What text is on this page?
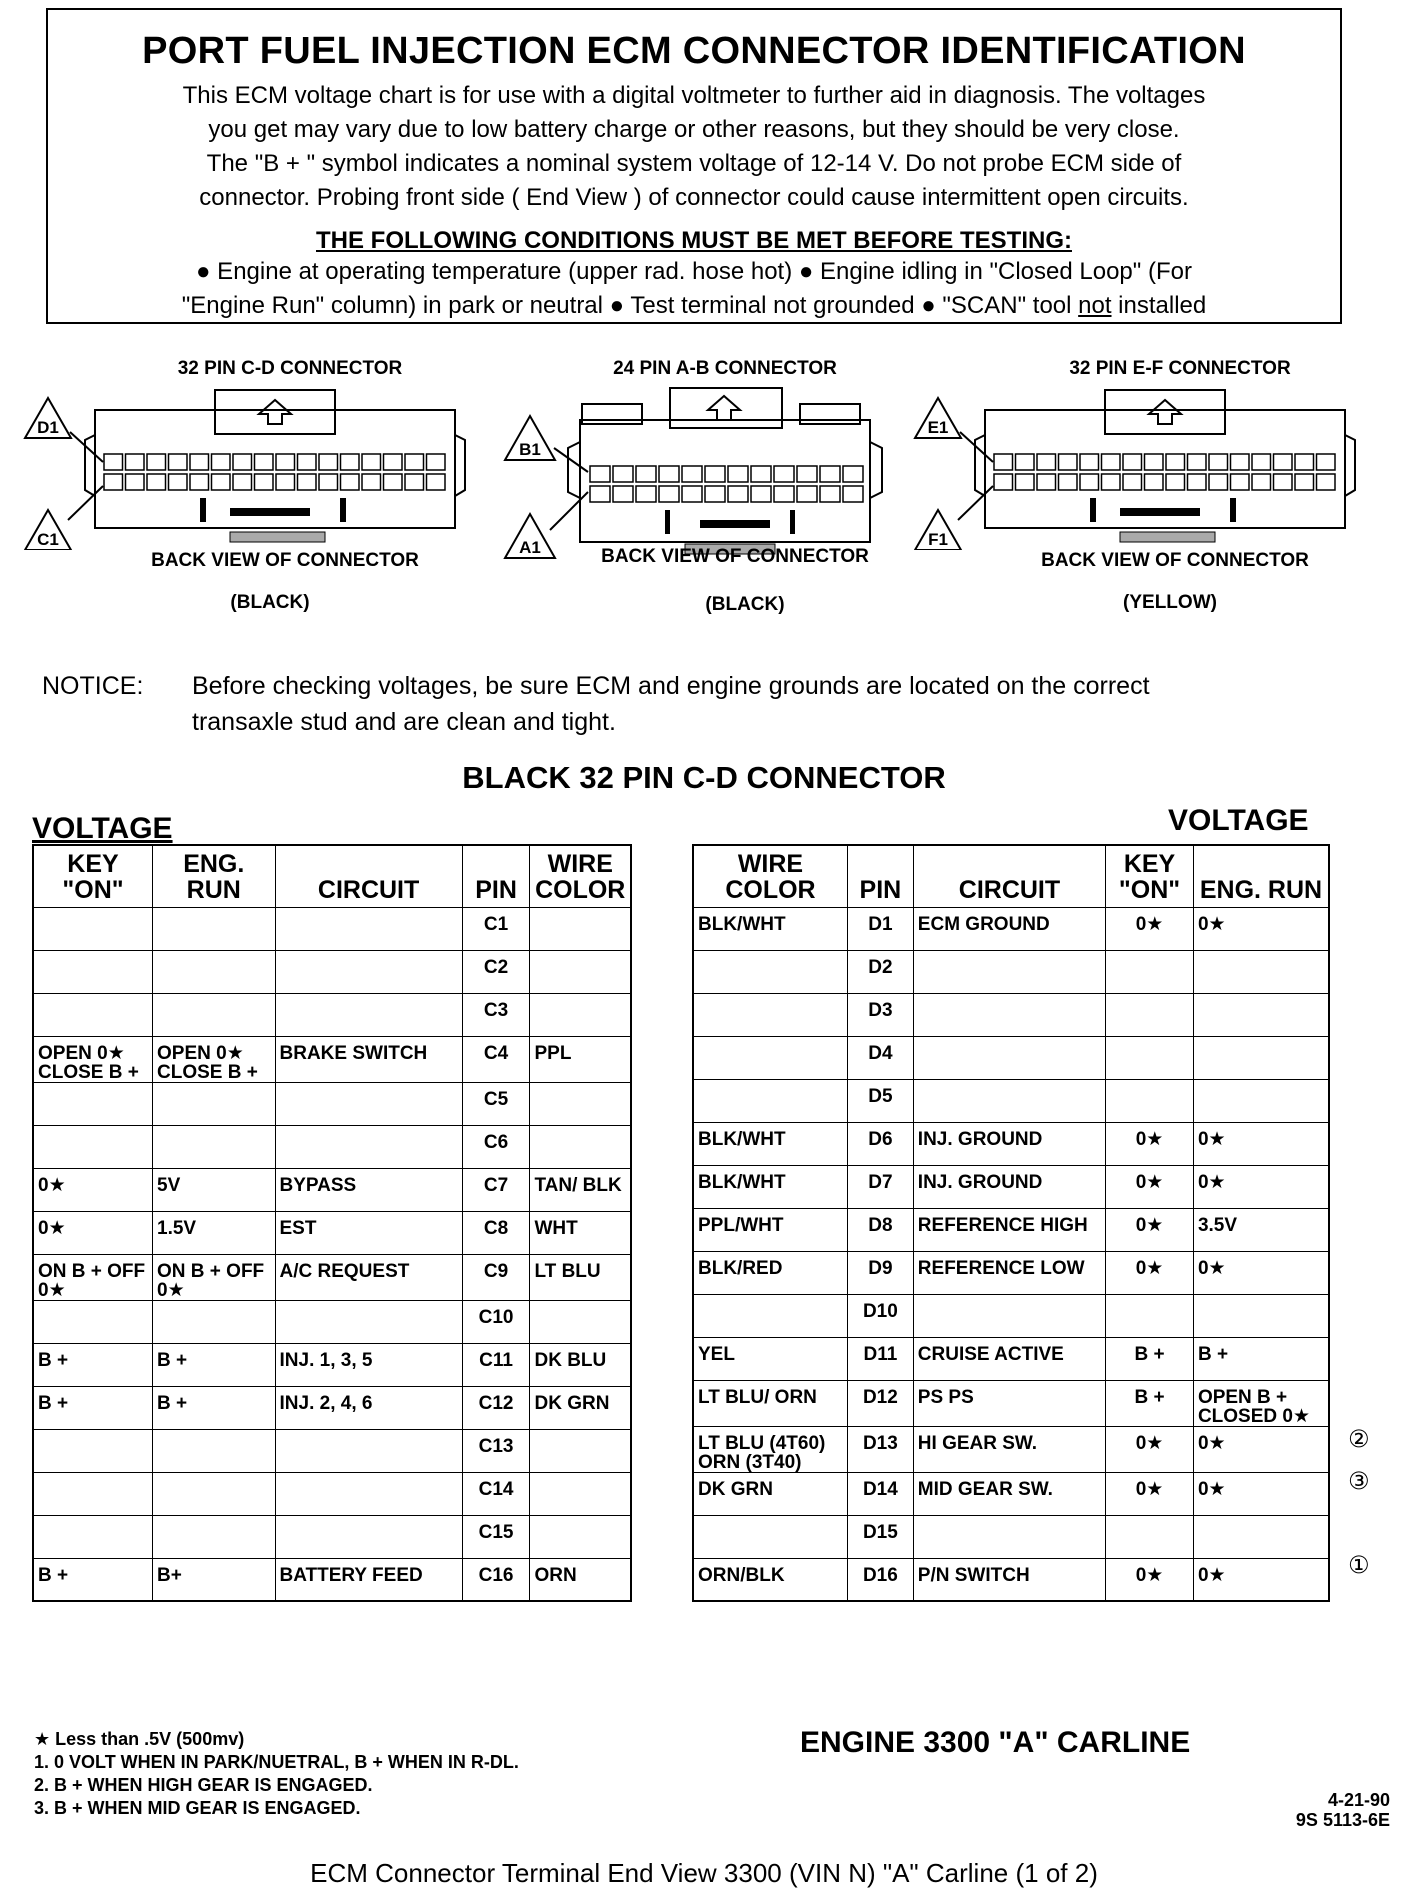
PORT FUEL INJECTION ECM CONNECTOR IDENTIFICATION
This ECM voltage chart is for use with a digital voltmeter to further aid in diagnosis. The voltages
you get may vary due to low battery charge or other reasons, but they should be very close.
The "B + " symbol indicates a nominal system voltage of 12-14 V. Do not probe ECM side of
connector. Probing front side ( End View ) of connector could cause intermittent open circuits.
THE FOLLOWING CONDITIONS MUST BE MET BEFORE TESTING:
● Engine at operating temperature (upper rad. hose hot) ● Engine idling in "Closed Loop" (For
"Engine Run" column) in park or neutral ● Test terminal not grounded ● "SCAN" tool not installed
32 PIN C-D CONNECTOR
D1
C1
BACK VIEW OF CONNECTOR
(BLACK)
24 PIN A-B CONNECTOR
B1
A1	BACK VIEW OF CONNECTOR
(BLACK)
32 PIN E-F CONNECTOR
E1
F1
BACK VIEW OF CONNECTOR
(YELLOW)
NOTICE: Before checking voltages, be sure ECM and engine grounds are located on the correct
transaxle stud and are clean and tight.
BLACK 32 PIN C-D CONNECTOR
VOLTAGE	VOLTAGE
KEY "ON"	ENG. RUN	CIRCUIT	PIN	WIRE COLOR
			C1	
			C2	
			C3	
OPEN 0★ CLOSE B +	OPEN 0★ CLOSE B +	BRAKE SWITCH	C4	PPL
			C5	
			C6	
0★	5V	BYPASS	C7	TAN/ BLK
0★	1.5V	EST	C8	WHT
ON B + OFF 0★	ON B + OFF 0★	A/C REQUEST	C9	LT BLU
			C10	
B +	B +	INJ. 1, 3, 5	C11	DK BLU
B +	B +	INJ. 2, 4, 6	C12	DK GRN
			C13	
			C14	
			C15	
B +	B+	BATTERY FEED	C16	ORN
WIRE COLOR	PIN	CIRCUIT	KEY "ON"	ENG. RUN
BLK/WHT	D1	ECM GROUND	0★	0★
	D2			
	D3			
	D4			
	D5			
BLK/WHT	D6	INJ. GROUND	0★	0★
BLK/WHT	D7	INJ. GROUND	0★	0★
PPL/WHT	D8	REFERENCE HIGH	0★	3.5V
BLK/RED	D9	REFERENCE LOW	0★	0★
	D10			
YEL	D11	CRUISE ACTIVE	B +	B +
LT BLU/ ORN	D12	PS PS	B +	OPEN B + CLOSED 0★
LT BLU (4T60) ORN (3T40)	D13	HI GEAR SW.	0★	0★
DK GRN	D14	MID GEAR SW.	0★	0★
	D15			
ORN/BLK	D16	P/N SWITCH	0★	0★
②
③
①
★ Less than .5V (500mv)
1. 0 VOLT WHEN IN PARK/NUETRAL, B + WHEN IN R-DL.
2. B + WHEN HIGH GEAR IS ENGAGED.
3. B + WHEN MID GEAR IS ENGAGED.
ENGINE 3300 "A" CARLINE
4-21-90
9S 5113-6E
ECM Connector Terminal End View 3300 (VIN N) "A" Carline (1 of 2)
